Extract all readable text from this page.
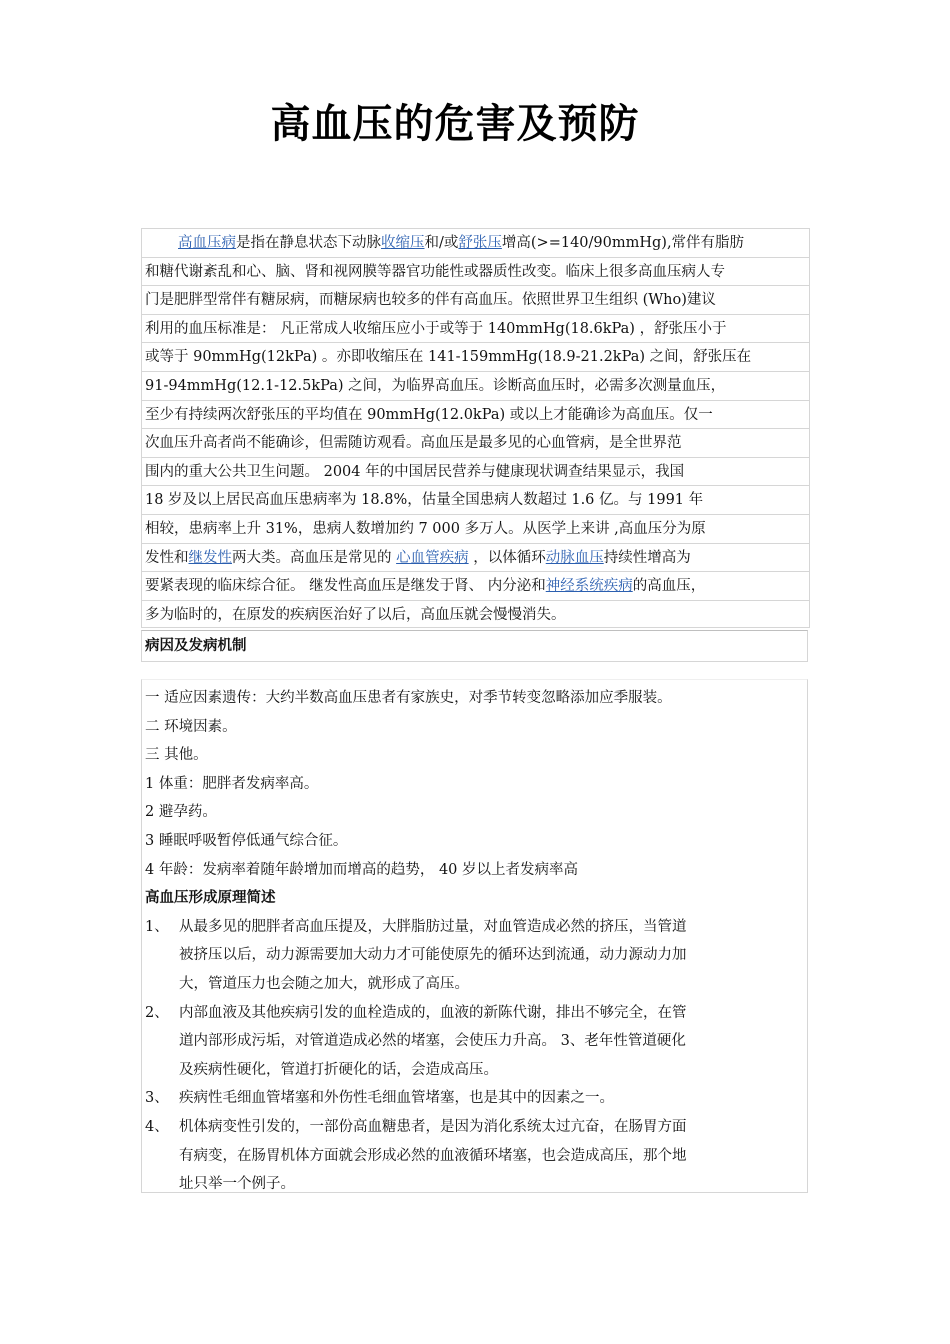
高血压的危害及预防
高血压病是指在静息状态下动脉收缩压和/或舒张压增高(>=140/90mmHg),常伴有脂肪
和糖代谢紊乱和心、脑、肾和视网膜等器官功能性或器质性改变。临床上很多高血压病人专
门是肥胖型常伴有糖尿病，而糖尿病也较多的伴有高血压。依照世界卫生组织 (Who)建议
利用的血压标准是： 凡正常成人收缩压应小于或等于 140mmHg(18.6kPa) ，舒张压小于
或等于 90mmHg(12kPa) 。亦即收缩压在 141-159mmHg(18.9-21.2kPa) 之间，舒张压在
91-94mmHg(12.1-12.5kPa) 之间，为临界高血压。诊断高血压时，必需多次测量血压，
至少有持续两次舒张压的平均值在 90mmHg(12.0kPa) 或以上才能确诊为高血压。仅一
次血压升高者尚不能确诊，但需随访观看。高血压是最多见的心血管病，是全世界范
围内的重大公共卫生问题。 2004 年的中国居民营养与健康现状调查结果显示，我国
18 岁及以上居民高血压患病率为 18.8%，估量全国患病人数超过 1.6 亿。与 1991 年
相较，患病率上升 31%，患病人数增加约 7 000 多万人。从医学上来讲 ,高血压分为原
发性和继发性两大类。高血压是常见的 心血管疾病 ，以体循环动脉血压持续性增高为
要紧表现的临床综合征。 继发性高血压是继发于肾、 内分泌和神经系统疾病的高血压，
多为临时的，在原发的疾病医治好了以后，高血压就会慢慢消失。
病因及发病机制
一 适应因素遗传：大约半数高血压患者有家族史，对季节转变忽略添加应季服装。
二 环境因素。
三 其他。
1 体重：肥胖者发病率高。
2 避孕药。
3 睡眠呼吸暂停低通气综合征。
4 年龄：发病率着随年龄增加而增高的趋势， 40 岁以上者发病率高
高血压形成原理简述
1、 从最多见的肥胖者高血压提及，大胖脂肪过量，对血管造成必然的挤压，当管道
被挤压以后，动力源需要加大动力才可能使原先的循环达到流通，动力源动力加
大，管道压力也会随之加大，就形成了高压。
2、 内部血液及其他疾病引发的血栓造成的，血液的新陈代谢，排出不够完全，在管
道内部形成污垢，对管道造成必然的堵塞，会使压力升高。 3、老年性管道硬化
及疾病性硬化，管道打折硬化的话，会造成高压。
3、 疾病性毛细血管堵塞和外伤性毛细血管堵塞，也是其中的因素之一。
4、 机体病变性引发的，一部份高血糖患者，是因为消化系统太过亢奋，在肠胃方面
有病变，在肠胃机体方面就会形成必然的血液循环堵塞，也会造成高压，那个地
址只举一个例子。
